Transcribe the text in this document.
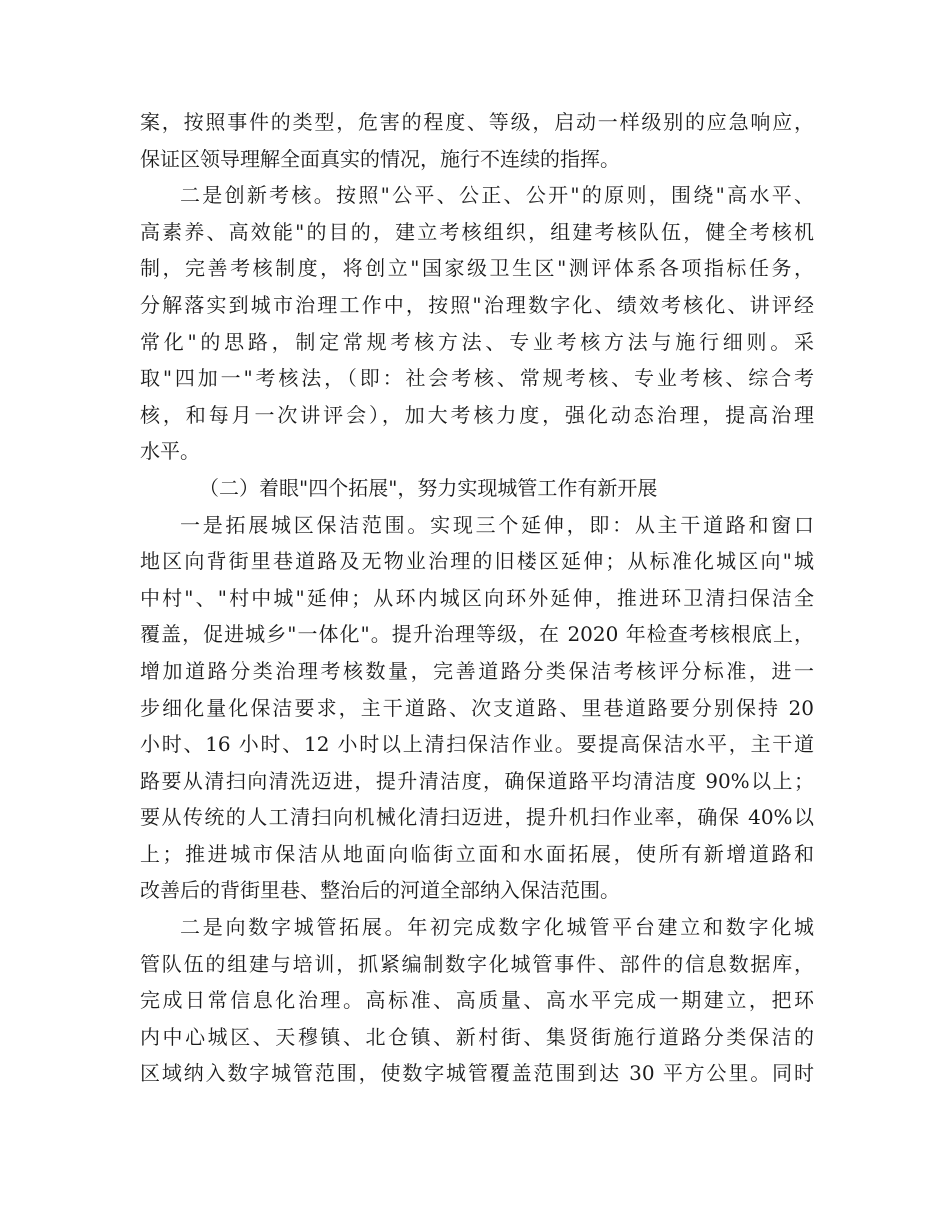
案，按照事件的类型，危害的程度、等级，启动一样级别的应急响应，
保证区领导理解全面真实的情况，施行不连续的指挥。
二是创新考核。按照"公平、公正、公开"的原则，围绕"高水平、
高素养、高效能"的目的，建立考核组织，组建考核队伍，健全考核机
制，完善考核制度，将创立"国家级卫生区"测评体系各项指标任务，
分解落实到城市治理工作中，按照"治理数字化、绩效考核化、讲评经
常化"的思路，制定常规考核方法、专业考核方法与施行细则。采
取"四加一"考核法，（即：社会考核、常规考核、专业考核、综合考
核，和每月一次讲评会），加大考核力度，强化动态治理，提高治理
水平。
（二）着眼"四个拓展"，努力实现城管工作有新开展
一是拓展城区保洁范围。实现三个延伸，即：从主干道路和窗口
地区向背街里巷道路及无物业治理的旧楼区延伸；从标准化城区向"城
中村"、"村中城"延伸；从环内城区向环外延伸，推进环卫清扫保洁全
覆盖，促进城乡"一体化"。提升治理等级，在 2020 年检查考核根底上，
增加道路分类治理考核数量，完善道路分类保洁考核评分标准，进一
步细化量化保洁要求，主干道路、次支道路、里巷道路要分别保持 20
小时、16 小时、12 小时以上清扫保洁作业。要提高保洁水平，主干道
路要从清扫向清洗迈进，提升清洁度，确保道路平均清洁度 90%以上；
要从传统的人工清扫向机械化清扫迈进，提升机扫作业率，确保 40%以
上；推进城市保洁从地面向临街立面和水面拓展，使所有新增道路和
改善后的背街里巷、整治后的河道全部纳入保洁范围。
二是向数字城管拓展。年初完成数字化城管平台建立和数字化城
管队伍的组建与培训，抓紧编制数字化城管事件、部件的信息数据库，
完成日常信息化治理。高标准、高质量、高水平完成一期建立，把环
内中心城区、天穆镇、北仓镇、新村街、集贤街施行道路分类保洁的
区域纳入数字城管范围，使数字城管覆盖范围到达 30 平方公里。同时
